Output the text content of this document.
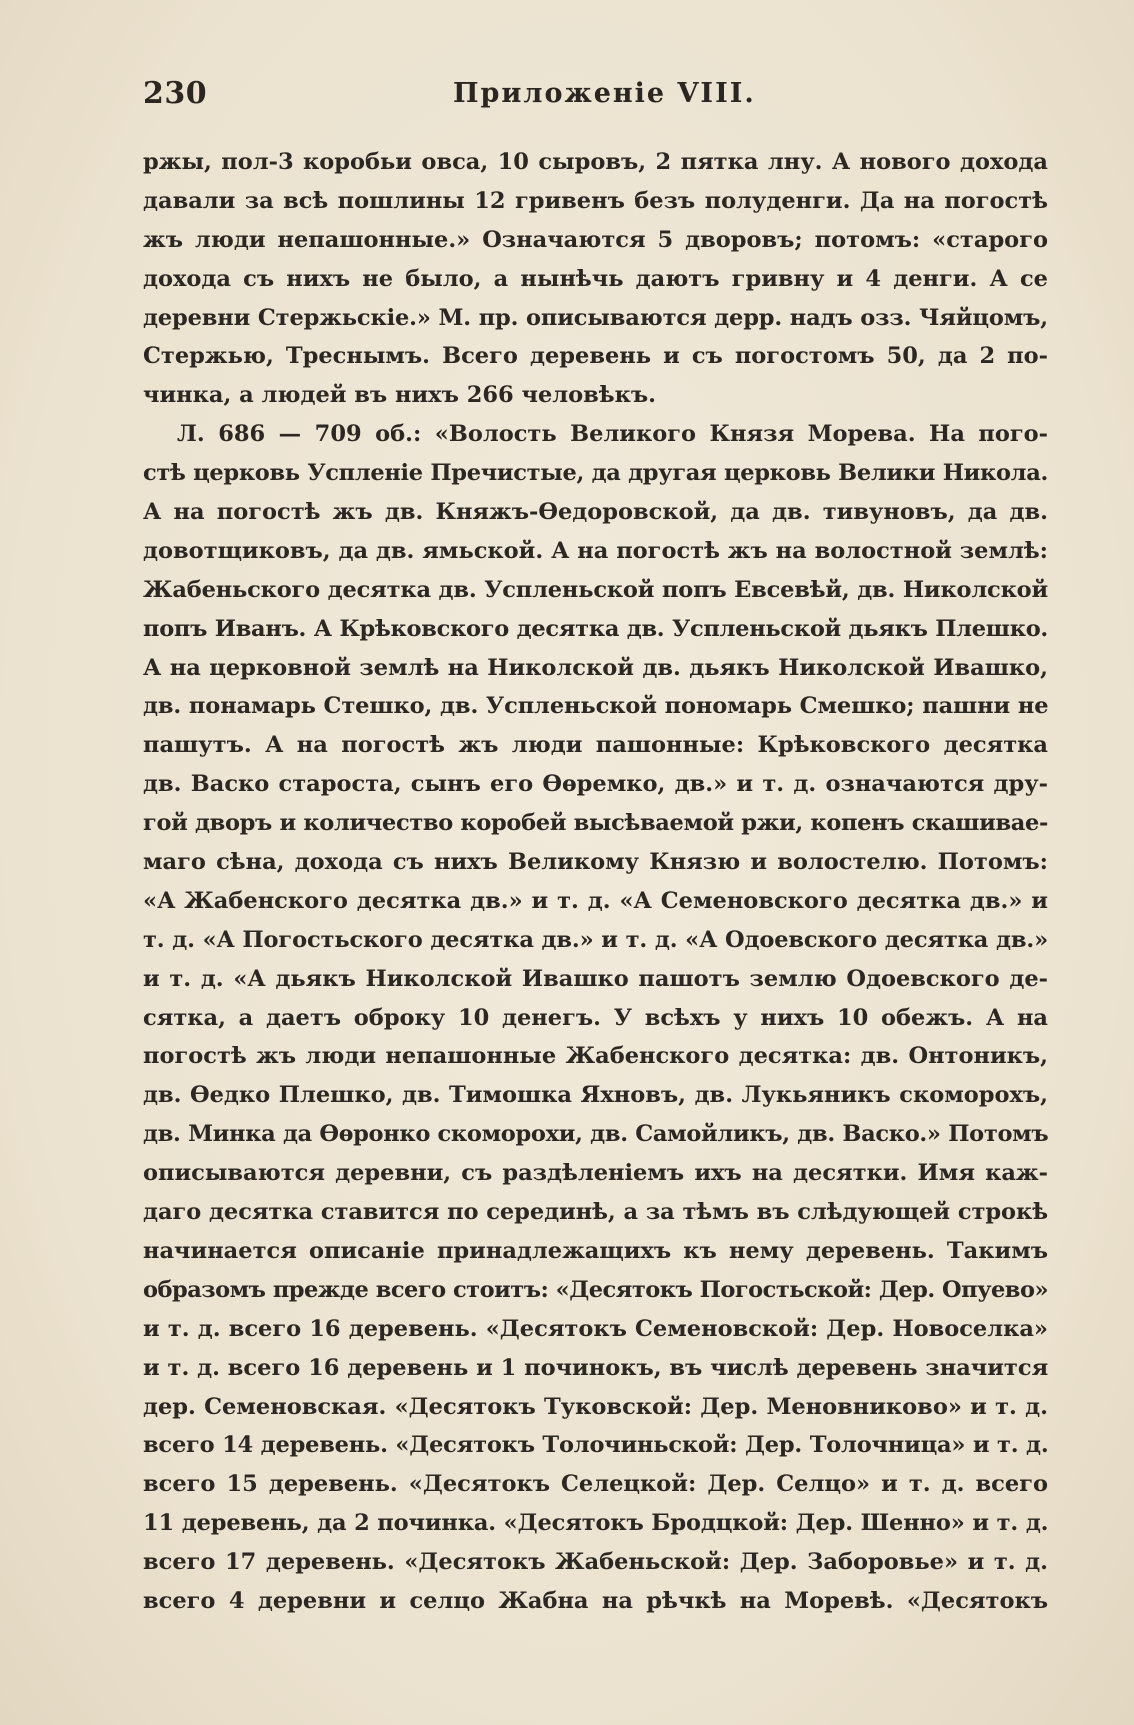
230	Приложеніе VIII.
ржы, пол-3 коробьи овса, 10 сыровъ, 2 пятка лну. А нового дохода
давали за всѣ пошлины 12 гривенъ безъ полуденги. Да на погостѣ
жъ люди непашонные.» Означаются 5 дворовъ; потомъ: «старого
дохода съ нихъ не было, а нынѣчь даютъ гривну и 4 денги. А се
деревни Стержьскіе.» М. пр. описываются дерр. надъ озз. Чяйцомъ,
Стержью, Треснымъ. Всего деревень и съ погостомъ 50, да 2 по-
чинка, а людей въ нихъ 266 человѣкъ.
Л. 686 — 709 об.: «Волость Великого Князя Морева. На пого-
стѣ церковь Успленіе Пречистые, да другая церковь Велики Никола.
А на погостѣ жъ дв. Княжъ-Ѳедоровской, да дв. тивуновъ, да дв.
довотщиковъ, да дв. ямьской. А на погостѣ жъ на волостной землѣ:
Жабеньского десятка дв. Успленьской попъ Евсевѣй, дв. Николской
попъ Иванъ. А Крѣковского десятка дв. Успленьской дьякъ Плешко.
А на церковной землѣ на Николской дв. дьякъ Николской Ивашко,
дв. понамарь Стешко, дв. Успленьской пономарь Смешко; пашни не
пашутъ. А на погостѣ жъ люди пашонные: Крѣковского десятка
дв. Васко староста, сынъ его Ѳѳремко, дв.» и т. д. означаются дру-
гой дворъ и количество коробей высѣваемой ржи, копенъ скашивае-
маго сѣна, дохода съ нихъ Великому Князю и волостелю. Потомъ:
«А Жабенского десятка дв.» и т. д. «А Семеновского десятка дв.» и
т. д. «А Погостьского десятка дв.» и т. д. «А Одоевского десятка дв.»
и т. д. «А дьякъ Николской Ивашко пашотъ землю Одоевского де-
сятка, а даетъ оброку 10 денегъ. У всѣхъ у нихъ 10 обежъ. А на
погостѣ жъ люди непашонные Жабенского десятка: дв. Онтоникъ,
дв. Ѳедко Плешко, дв. Тимошка Яхновъ, дв. Лукьяникъ скоморохъ,
дв. Минка да Ѳѳронко скоморохи, дв. Самойликъ, дв. Васко.» Потомъ
описываются деревни, съ раздѣленіемъ ихъ на десятки. Имя каж-
даго десятка ставится по серединѣ, а за тѣмъ въ слѣдующей строкѣ
начинается описаніе принадлежащихъ къ нему деревень. Такимъ
образомъ прежде всего стоитъ: «Десятокъ Погостьской: Дер. Опуево»
и т. д. всего 16 деревень. «Десятокъ Семеновской: Дер. Новоселка»
и т. д. всего 16 деревень и 1 починокъ, въ числѣ деревень значится
дер. Семеновская. «Десятокъ Туковской: Дер. Меновниково» и т. д.
всего 14 деревень. «Десятокъ Толочиньской: Дер. Толочница» и т. д.
всего 15 деревень. «Десятокъ Селецкой: Дер. Селцо» и т. д. всего
11 деревень, да 2 починка. «Десятокъ Бродцкой: Дер. Шенно» и т. д.
всего 17 деревень. «Десятокъ Жабеньской: Дер. Заборовье» и т. д.
всего 4 деревни и селцо Жабна на рѣчкѣ на Моревѣ. «Десятокъ
